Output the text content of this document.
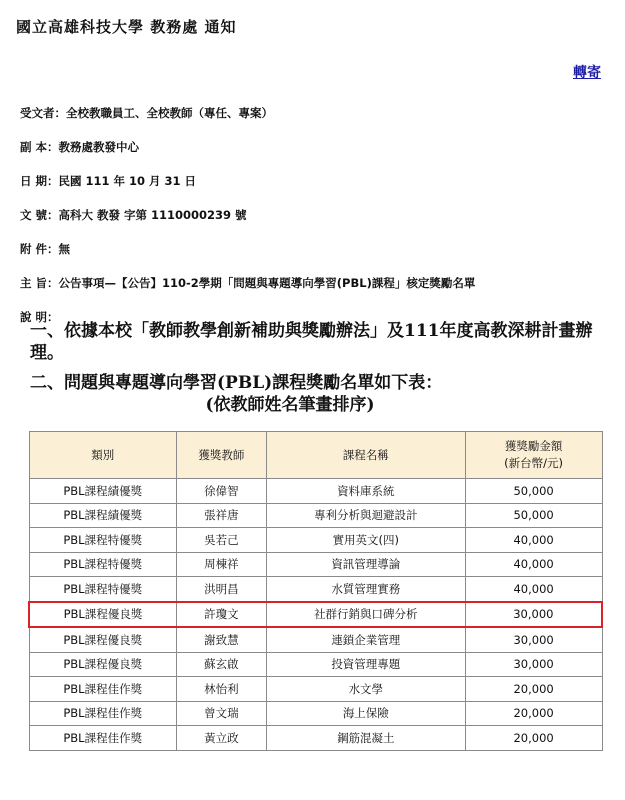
國立高雄科技大學 教務處 通知
轉寄
受文者： 全校教職員工、全校教師（專任、專案）
副 本： 教務處教發中心
日 期： 民國 111 年 10 月 31 日
文 號： 高科大 教發 字第 1110000239 號
附 件： 無
主 旨： 公告事項—【公告】110-2學期「問題與專題導向學習(PBL)課程」核定獎勵名單
說 明：
一、依據本校「教師教學創新補助與獎勵辦法」及111年度高教深耕計畫辦理。
二、問題與專題導向學習(PBL)課程獎勵名單如下表：
(依教師姓名筆畫排序)
類別	獲獎教師	課程名稱	獲獎勵金額
(新台幣/元)
PBL課程績優獎	徐偉智	資料庫系統	50,000
PBL課程績優獎	張祥唐	專利分析與迴避設計	50,000
PBL課程特優獎	吳若己	實用英文(四)	40,000
PBL課程特優獎	周棟祥	資訊管理導論	40,000
PBL課程特優獎	洪明昌	水質管理實務	40,000
PBL課程優良獎	許瓊文	社群行銷與口碑分析	30,000
PBL課程優良獎	謝致慧	連鎖企業管理	30,000
PBL課程優良獎	蘇玄啟	投資管理專題	30,000
PBL課程佳作獎	林怡利	水文學	20,000
PBL課程佳作獎	曾文瑞	海上保險	20,000
PBL課程佳作獎	黃立政	鋼筋混凝土	20,000
